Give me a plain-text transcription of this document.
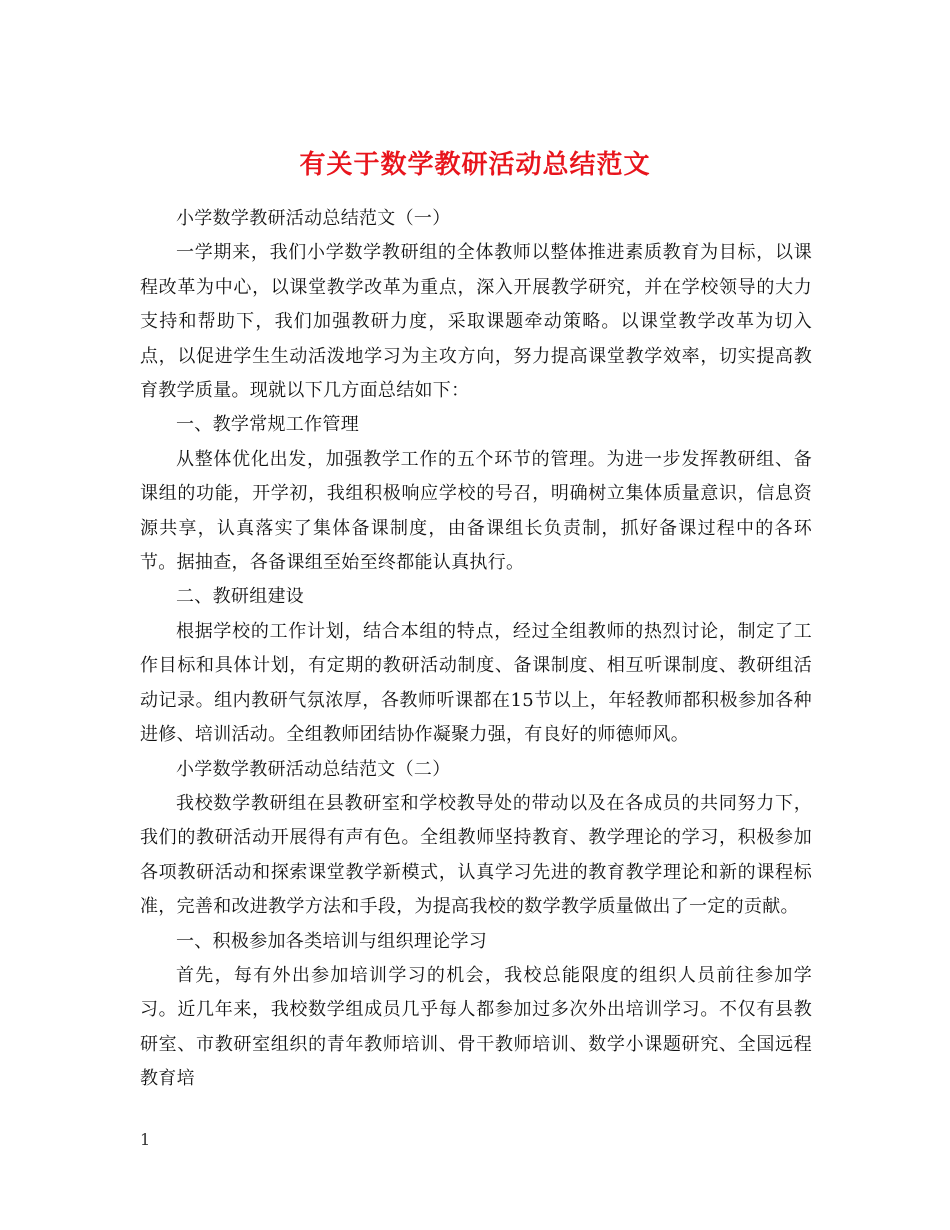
有关于数学教研活动总结范文

小学数学教研活动总结范文（一）

一学期来，我们小学数学教研组的全体教师以整体推进素质教育为目标，以课程改革为中心，以课堂教学改革为重点，深入开展教学研究，并在学校领导的大力支持和帮助下，我们加强教研力度，采取课题牵动策略。以课堂教学改革为切入点，以促进学生生动活泼地学习为主攻方向，努力提高课堂教学效率，切实提高教育教学质量。现就以下几方面总结如下：

一、教学常规工作管理

从整体优化出发，加强教学工作的五个环节的管理。为进一步发挥教研组、备课组的功能，开学初，我组积极响应学校的号召，明确树立集体质量意识，信息资源共享，认真落实了集体备课制度，由备课组长负责制，抓好备课过程中的各环节。据抽查，各备课组至始至终都能认真执行。

二、教研组建设

根据学校的工作计划，结合本组的特点，经过全组教师的热烈讨论，制定了工作目标和具体计划，有定期的教研活动制度、备课制度、相互听课制度、教研组活动记录。组内教研气氛浓厚，各教师听课都在15节以上，年轻教师都积极参加各种进修、培训活动。全组教师团结协作凝聚力强，有良好的师德师风。

小学数学教研活动总结范文（二）

我校数学教研组在县教研室和学校教导处的带动以及在各成员的共同努力下，我们的教研活动开展得有声有色。全组教师坚持教育、教学理论的学习，积极参加各项教研活动和探索课堂教学新模式，认真学习先进的教育教学理论和新的课程标准，完善和改进教学方法和手段，为提高我校的数学教学质量做出了一定的贡献。

一、积极参加各类培训与组织理论学习

首先，每有外出参加培训学习的机会，我校总能限度的组织人员前往参加学习。近几年来，我校数学组成员几乎每人都参加过多次外出培训学习。不仅有县教研室、市教研室组织的青年教师培训、骨干教师培训、数学小课题研究、全国远程教育培

1
